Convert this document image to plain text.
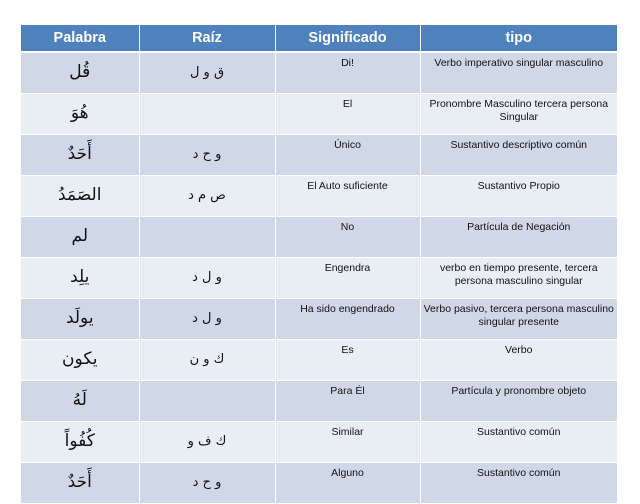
Palabra	Raíz	Significado	tipo
قُل	ق و ل	Di!	Verbo imperativo singular masculino
هُوَ		El	Pronombre Masculino tercera persona Singular
أَحَدٌ	و ح د	Único	Sustantivo descriptivo común
الصَمَدُ	ص م د	El Auto suficiente	Sustantivo Propio
لم		No	Partícula de Negación
يلِد	و ل د	Engendra	verbo en tiempo presente, tercera persona masculino singular
يولَد	و ل د	Ha sido engendrado	Verbo pasivo, tercera persona masculino singular presente
يكون	ك و ن	Es	Verbo
لَهُ		Para Él	Partícula y pronombre objeto
كُفُواً	ك ف و	Similar	Sustantivo común
أَحَدٌ	و ح د	Alguno	Sustantivo común
